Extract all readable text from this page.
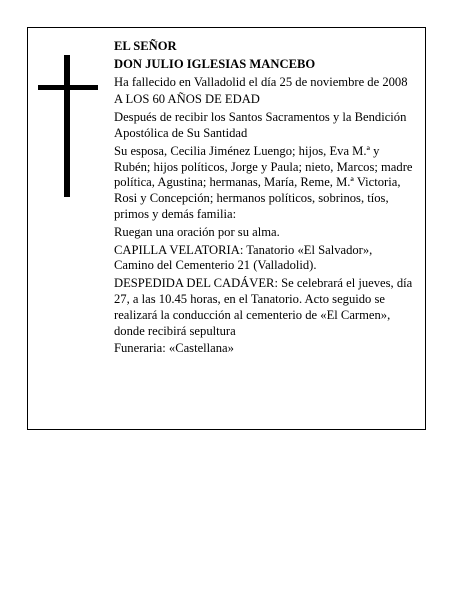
EL SEÑOR

DON JULIO IGLESIAS MANCEBO

Ha fallecido en Valladolid el día 25 de noviembre de 2008

A LOS 60 AÑOS DE EDAD

Después de recibir los Santos Sacramentos y la Bendición Apostólica de Su Santidad

Su esposa, Cecilia Jiménez Luengo; hijos, Eva M.ª y Rubén; hijos políticos, Jorge y Paula; nieto, Marcos; madre política, Agustina; hermanas, María, Reme, M.ª Victoria, Rosi y Concepción; hermanos políticos, sobrinos, tíos, primos y demás familia:

Ruegan una oración por su alma.

CAPILLA VELATORIA: Tanatorio «El Salvador», Camino del Cementerio 21 (Valladolid).

DESPEDIDA DEL CADÁVER: Se celebrará el jueves, día 27, a las 10.45 horas, en el Tanatorio. Acto seguido se realizará la conducción al cementerio de «El Carmen», donde recibirá sepultura

Funeraria: «Castellana»
